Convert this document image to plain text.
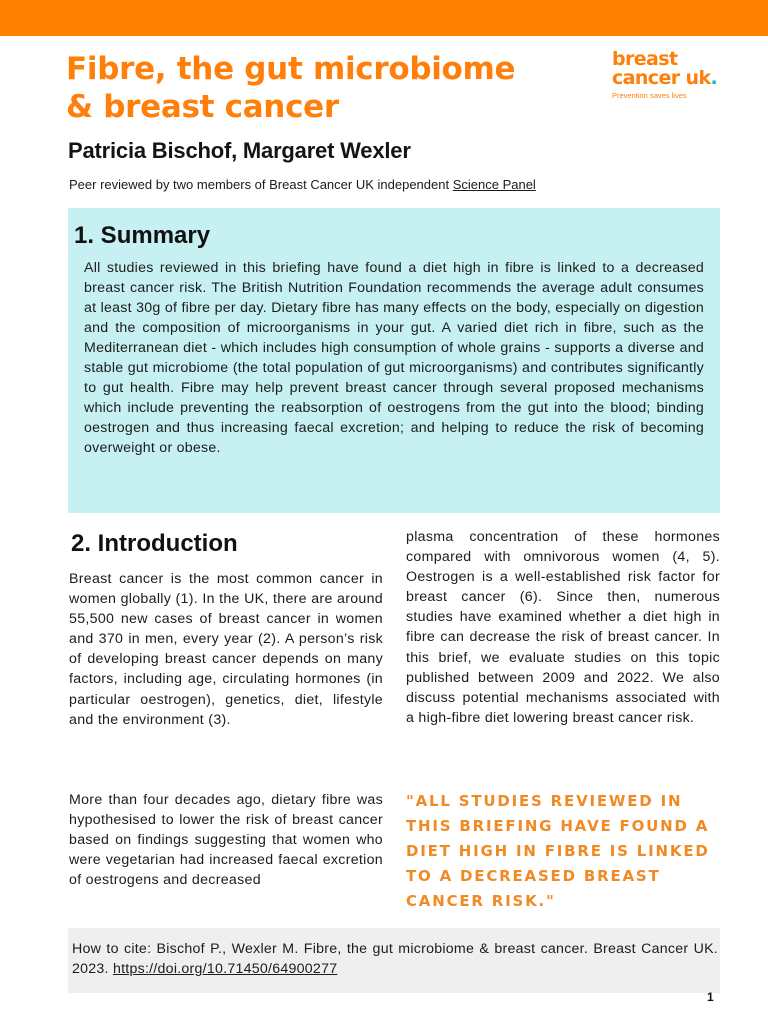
Fibre, the gut microbiome
& breast cancer
breast
cancer uk.
Prevention saves lives
Patricia Bischof, Margaret Wexler
Peer reviewed by two members of Breast Cancer UK independent Science Panel
1. Summary

All studies reviewed in this briefing have found a diet high in fibre is linked to a decreased breast cancer risk. The British Nutrition Foundation recommends the average adult consumes at least 30g of fibre per day. Dietary fibre has many effects on the body, especially on digestion and the composition of microorganisms in your gut. A varied diet rich in fibre, such as the Mediterranean diet - which includes high consumption of whole grains - supports a diverse and stable gut microbiome (the total population of gut microorganisms) and contributes significantly to gut health. Fibre may help prevent breast cancer through several proposed mechanisms which include preventing the reabsorption of oestrogens from the gut into the blood; binding oestrogen and thus increasing faecal excretion; and helping to reduce the risk of becoming overweight or obese.

2. Introduction

Breast cancer is the most common cancer in women globally (1). In the UK, there are around 55,500 new cases of breast cancer in women and 370 in men, every year (2). A person’s risk of developing breast cancer depends on many factors, including age, circulating hormones (in particular oestrogen), genetics, diet, lifestyle and the environment (3).

More than four decades ago, dietary fibre was hypothesised to lower the risk of breast cancer based on findings suggesting that women who were vegetarian had increased faecal excretion of oestrogens and decreased

plasma concentration of these hormones compared with omnivorous women (4, 5). Oestrogen is a well-established risk factor for breast cancer (6). Since then, numerous studies have examined whether a diet high in fibre can decrease the risk of breast cancer. In this brief, we evaluate studies on this topic published between 2009 and 2022. We also discuss potential mechanisms associated with a high-fibre diet lowering breast cancer risk.

"ALL STUDIES REVIEWED IN THIS BRIEFING HAVE FOUND A DIET HIGH IN FIBRE IS LINKED TO A DECREASED BREAST CANCER RISK."

How to cite: Bischof P., Wexler M. Fibre, the gut microbiome & breast cancer. Breast Cancer UK. 2023. https://doi.org/10.71450/64900277

1
